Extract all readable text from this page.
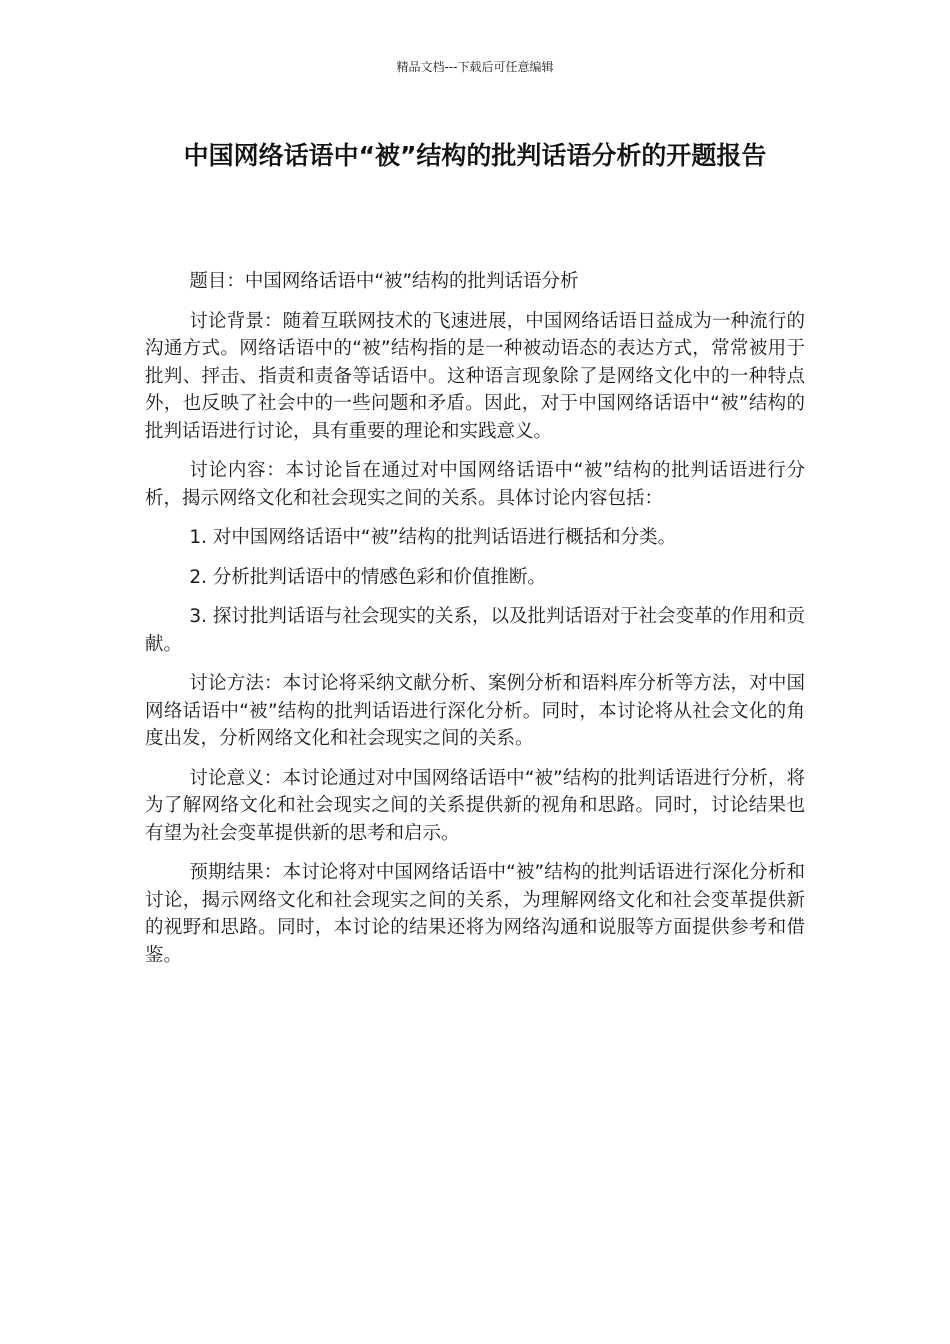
精品文档---下载后可任意编辑
中国网络话语中“被”结构的批判话语分析的开题报告

题目：中国网络话语中“被”结构的批判话语分析

讨论背景：随着互联网技术的飞速进展，中国网络话语日益成为一种流行的沟通方式。网络话语中的“被”结构指的是一种被动语态的表达方式，常常被用于批判、抨击、指责和责备等话语中。这种语言现象除了是网络文化中的一种特点外，也反映了社会中的一些问题和矛盾。因此，对于中国网络话语中“被”结构的批判话语进行讨论，具有重要的理论和实践意义。

讨论内容：本讨论旨在通过对中国网络话语中“被”结构的批判话语进行分析，揭示网络文化和社会现实之间的关系。具体讨论内容包括：

1. 对中国网络话语中“被”结构的批判话语进行概括和分类。

2. 分析批判话语中的情感色彩和价值推断。

3. 探讨批判话语与社会现实的关系，以及批判话语对于社会变革的作用和贡献。

讨论方法：本讨论将采纳文献分析、案例分析和语料库分析等方法，对中国网络话语中“被”结构的批判话语进行深化分析。同时，本讨论将从社会文化的角度出发，分析网络文化和社会现实之间的关系。

讨论意义：本讨论通过对中国网络话语中“被”结构的批判话语进行分析，将为了解网络文化和社会现实之间的关系提供新的视角和思路。同时，讨论结果也有望为社会变革提供新的思考和启示。

预期结果：本讨论将对中国网络话语中“被”结构的批判话语进行深化分析和讨论，揭示网络文化和社会现实之间的关系，为理解网络文化和社会变革提供新的视野和思路。同时，本讨论的结果还将为网络沟通和说服等方面提供参考和借鉴。
